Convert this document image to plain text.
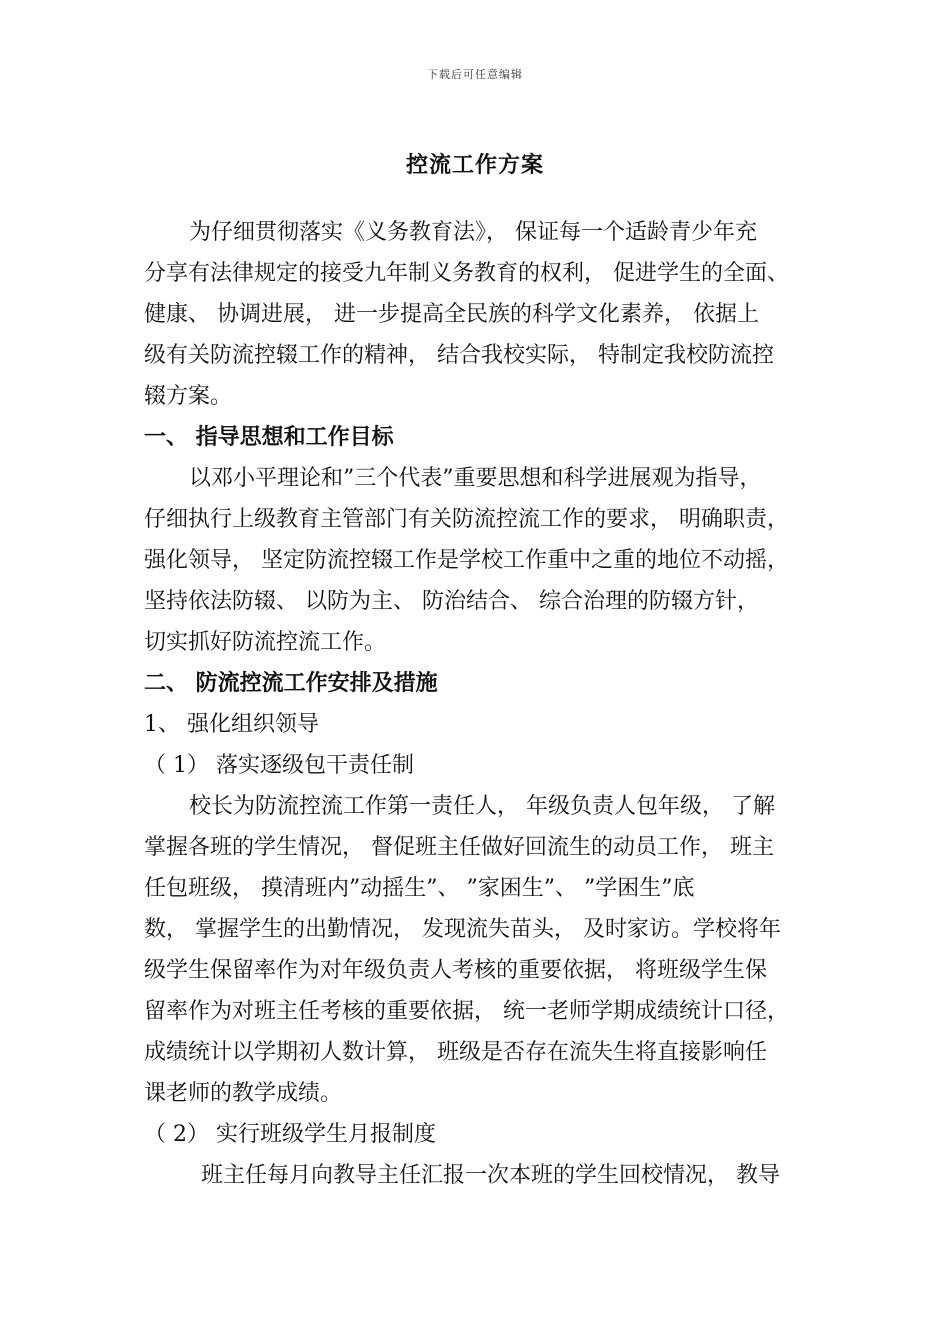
下载后可任意编辑
控流工作方案
为仔细贯彻落实《义务教育法》， 保证每一个适龄青少年充
分享有法律规定的接受九年制义务教育的权利， 促进学生的全面、
健康、 协调进展， 进一步提高全民族的科学文化素养， 依据上
级有关防流控辍工作的精神， 结合我校实际， 特制定我校防流控
辍方案。
一、 指导思想和工作目标
以邓小平理论和”三个代表”重要思想和科学进展观为指导，
仔细执行上级教育主管部门有关防流控流工作的要求， 明确职责，
强化领导， 坚定防流控辍工作是学校工作重中之重的地位不动摇，
坚持依法防辍、 以防为主、 防治结合、 综合治理的防辍方针，
切实抓好防流控流工作。
二、 防流控流工作安排及措施
1、 强化组织领导
（ 1） 落实逐级包干责任制
校长为防流控流工作第一责任人， 年级负责人包年级， 了解
掌握各班的学生情况， 督促班主任做好回流生的动员工作， 班主
任包班级， 摸清班内”动摇生”、 ”家困生”、 ”学困生”底
数， 掌握学生的出勤情况， 发现流失苗头， 及时家访。学校将年
级学生保留率作为对年级负责人考核的重要依据， 将班级学生保
留率作为对班主任考核的重要依据， 统一老师学期成绩统计口径，
成绩统计以学期初人数计算， 班级是否存在流失生将直接影响任
课老师的教学成绩。
（ 2） 实行班级学生月报制度
班主任每月向教导主任汇报一次本班的学生回校情况， 教导
